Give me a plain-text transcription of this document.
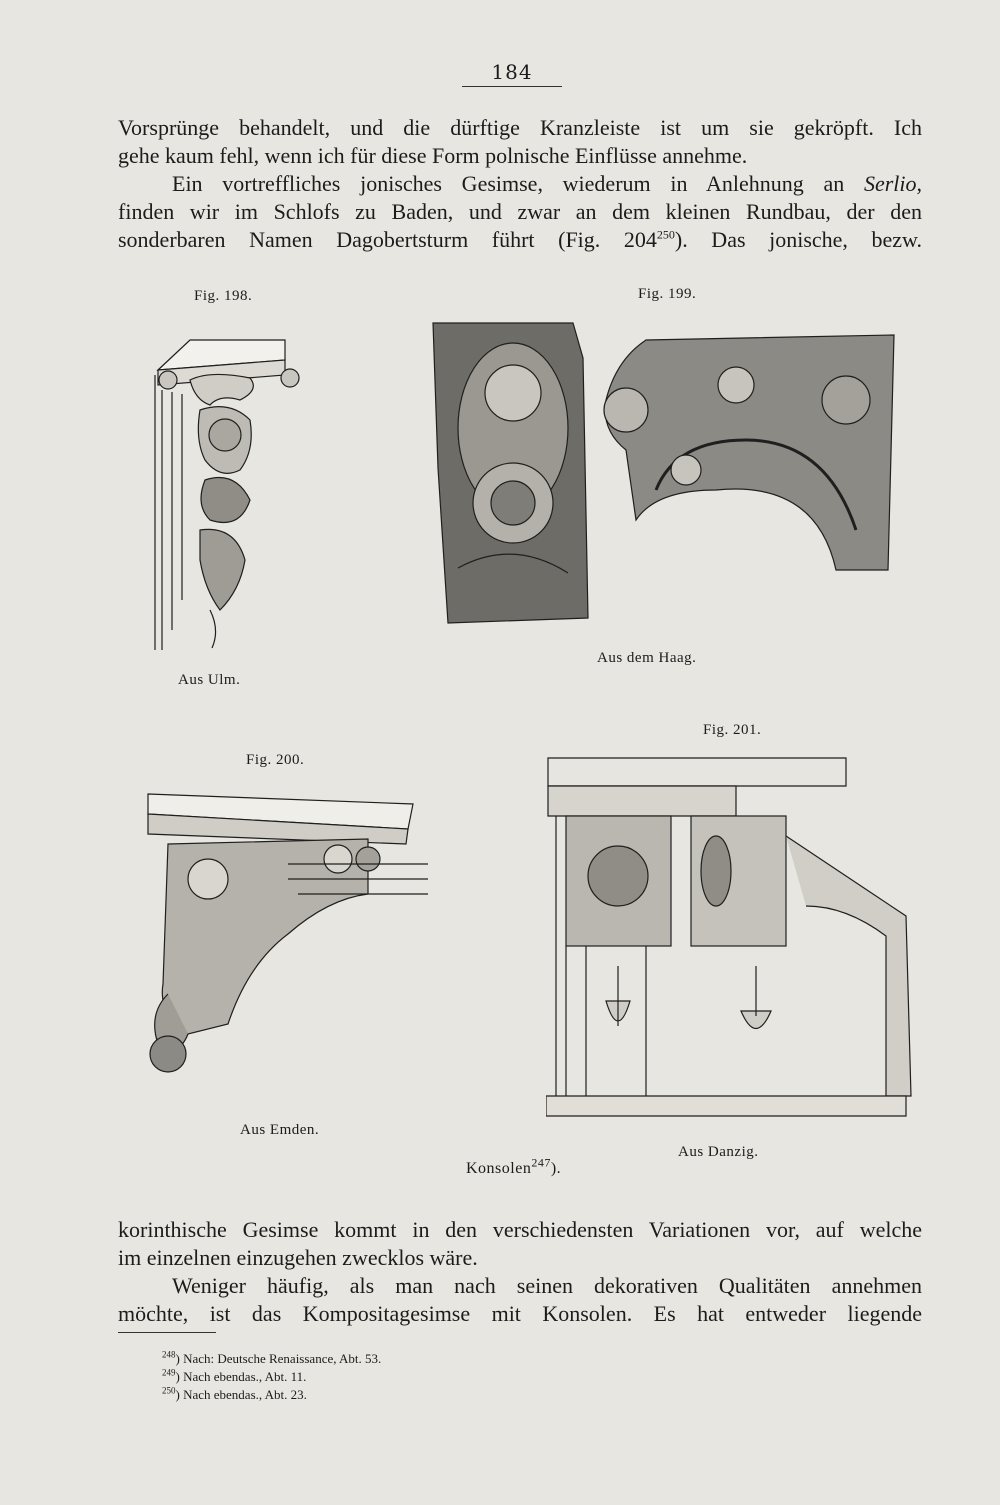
184
Vorsprünge behandelt, und die dürftige Kranzleiste ist um sie gekröpft. Ich
gehe kaum fehl, wenn ich für diese Form polnische Einflüsse annehme.
Ein vortreffliches jonisches Gesimse, wiederum in Anlehnung an Serlio,
finden wir im Schlofs zu Baden, und zwar an dem kleinen Rundbau, der den
sonderbaren Namen Dagobertsturm führt (Fig. $204^{250}$). Das jonische, bezw.
Fig. 198.
Aus Ulm.
Fig. 199.
Aus dem Haag.
Fig. 201.
Fig. 200.
Aus Emden.
Aus Danzig.
Konsolen$^{247}$).
korinthische Gesimse kommt in den verschiedensten Variationen vor, auf welche
im einzelnen einzugehen zwecklos wäre.
Weniger häufig, als man nach seinen dekorativen Qualitäten annehmen
möchte, ist das Kompositagesimse mit Konsolen. Es hat entweder liegende
$^{248}$) Nach: Deutsche Renaissance, Abt. 53.
$^{249}$) Nach ebendas., Abt. 11.
$^{250}$) Nach ebendas., Abt. 23.
